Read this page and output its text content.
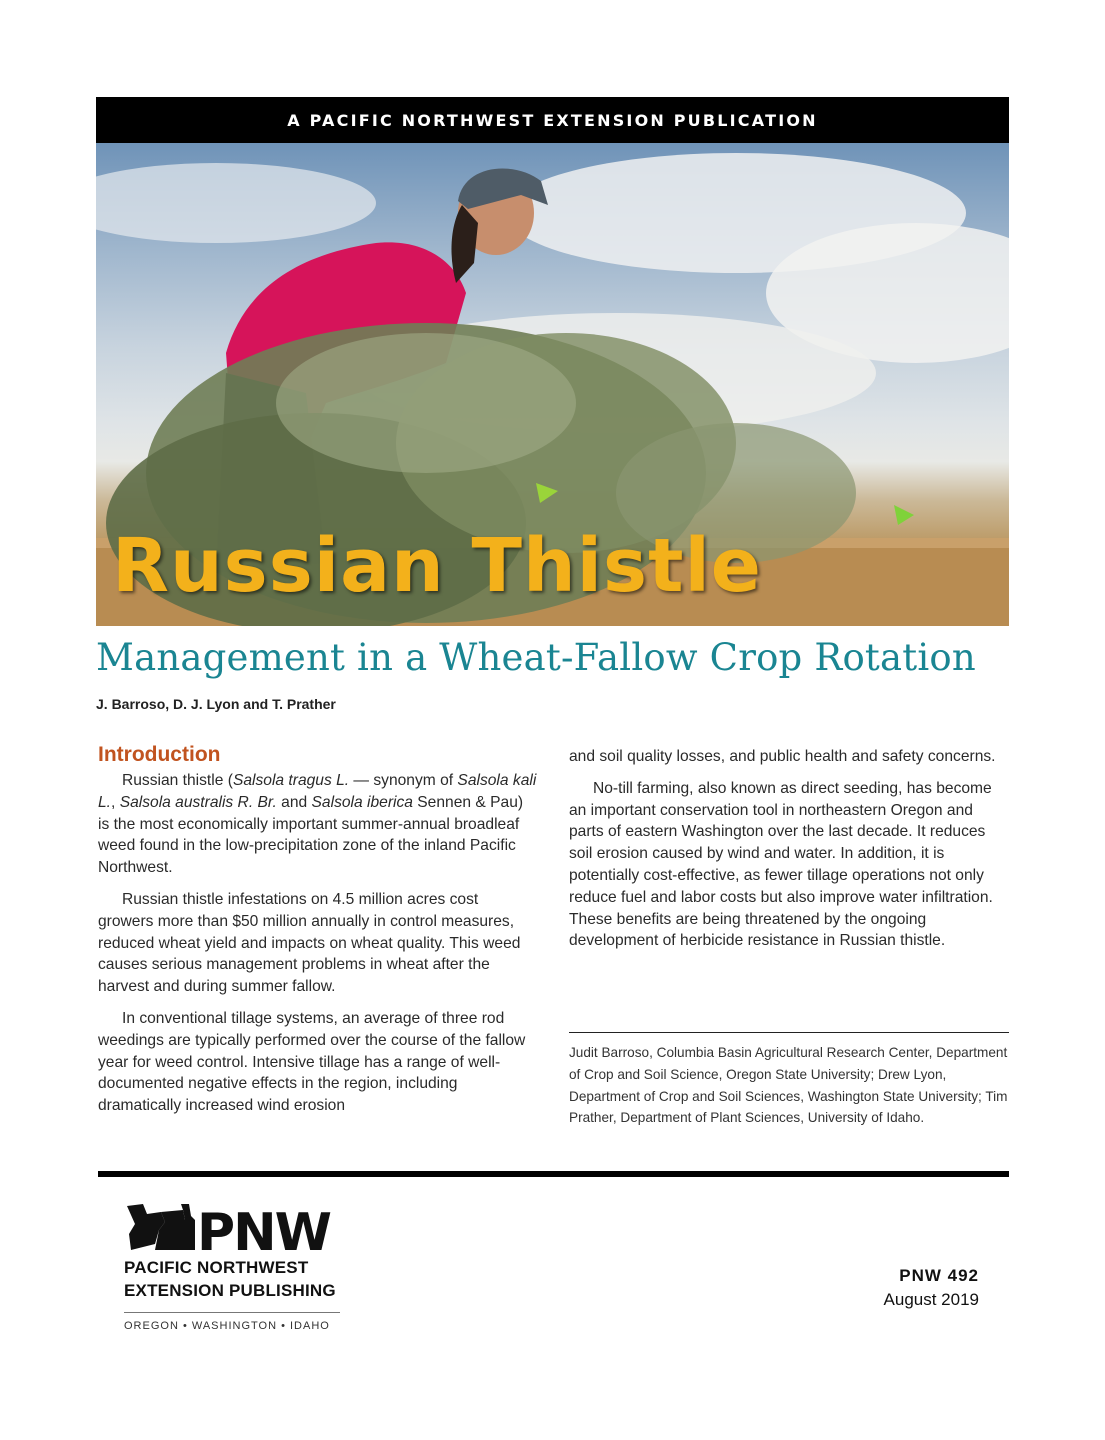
A PACIFIC NORTHWEST EXTENSION PUBLICATION
Russian Thistle
Management in a Wheat-Fallow Crop Rotation
J. Barroso, D. J. Lyon and T. Prather
Introduction

Russian thistle (Salsola tragus L. — synonym of Salsola kali L., Salsola australis R. Br. and Salsola iberica Sennen & Pau) is the most economically important summer-annual broadleaf weed found in the low-precipitation zone of the inland Pacific Northwest.

Russian thistle infestations on 4.5 million acres cost growers more than $50 million annually in control measures, reduced wheat yield and impacts on wheat quality. This weed causes serious management problems in wheat after the harvest and during summer fallow.

In conventional tillage systems, an average of three rod weedings are typically performed over the course of the fallow year for weed control. Intensive tillage has a range of well-documented negative effects in the region, including dramatically increased wind erosion

and soil quality losses, and public health and safety concerns.

No-till farming, also known as direct seeding, has become an important conservation tool in northeastern Oregon and parts of eastern Washington over the last decade. It reduces soil erosion caused by wind and water. In addition, it is potentially cost-effective, as fewer tillage operations not only reduce fuel and labor costs but also improve water infiltration. These benefits are being threatened by the ongoing development of herbicide resistance in Russian thistle.

Judit Barroso, Columbia Basin Agricultural Research Center, Department of Crop and Soil Science, Oregon State University; Drew Lyon, Department of Crop and Soil Sciences, Washington State University; Tim Prather, Department of Plant Sciences, University of Idaho.
PNW
PACIFIC NORTHWEST
EXTENSION PUBLISHING
OREGON • WASHINGTON • IDAHO
PNW 492
August 2019
